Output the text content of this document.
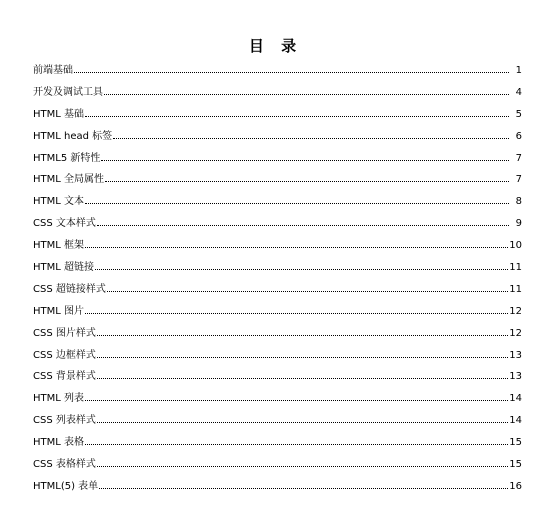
目 录
前端基础	1
开发及调试工具	4
HTML 基础	5
HTML head 标签	6
HTML5 新特性	7
HTML 全局属性	7
HTML 文本	8
CSS 文本样式	9
HTML 框架	10
HTML 超链接	11
CSS 超链接样式	11
HTML 图片	12
CSS 图片样式	12
CSS 边框样式	13
CSS 背景样式	13
HTML 列表	14
CSS 列表样式	14
HTML 表格	15
CSS 表格样式	15
HTML(5) 表单	16
